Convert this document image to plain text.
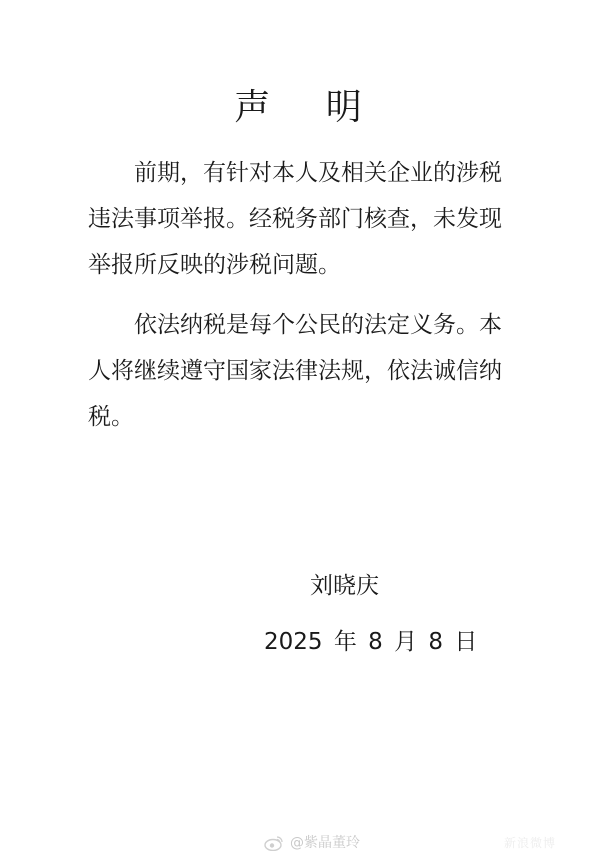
声 明

前期，有针对本人及相关企业的涉税违法事项举报。经税务部门核查，未发现举报所反映的涉税问题。

依法纳税是每个公民的法定义务。本人将继续遵守国家法律法规，依法诚信纳税。

刘晓庆
2025 年 8 月 8 日
@紫晶董玲	新浪微博
